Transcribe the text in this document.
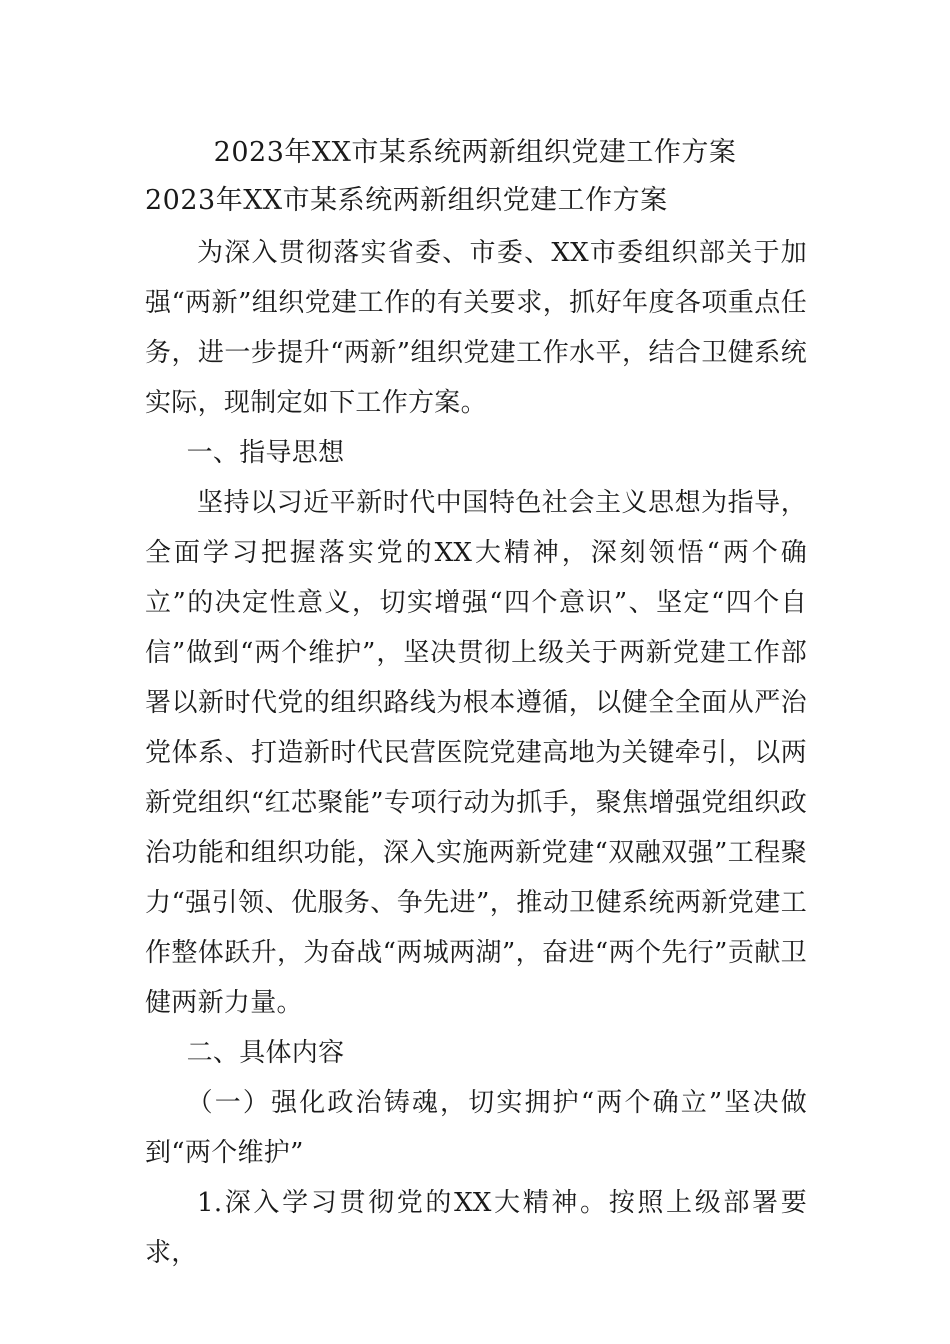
2023年XX市某系统两新组织党建工作方案
2023年XX市某系统两新组织党建工作方案

为深入贯彻落实省委、市委、XX市委组织部关于加强“两新”组织党建工作的有关要求，抓好年度各项重点任务，进一步提升“两新”组织党建工作水平，结合卫健系统实际，现制定如下工作方案。

一、指导思想

坚持以习近平新时代中国特色社会主义思想为指导，全面学习把握落实党的XX大精神，深刻领悟“两个确立”的决定性意义，切实增强“四个意识”、坚定“四个自信”做到“两个维护”，坚决贯彻上级关于两新党建工作部署以新时代党的组织路线为根本遵循，以健全全面从严治党体系、打造新时代民营医院党建高地为关键牵引，以两新党组织“红芯聚能”专项行动为抓手，聚焦增强党组织政治功能和组织功能，深入实施两新党建“双融双强”工程聚力“强引领、优服务、争先进”，推动卫健系统两新党建工作整体跃升，为奋战“两城两湖”，奋进“两个先行”贡献卫健两新力量。

二、具体内容

（一）强化政治铸魂，切实拥护“两个确立”坚决做到“两个维护”

1.深入学习贯彻党的XX大精神。按照上级部署要求，
